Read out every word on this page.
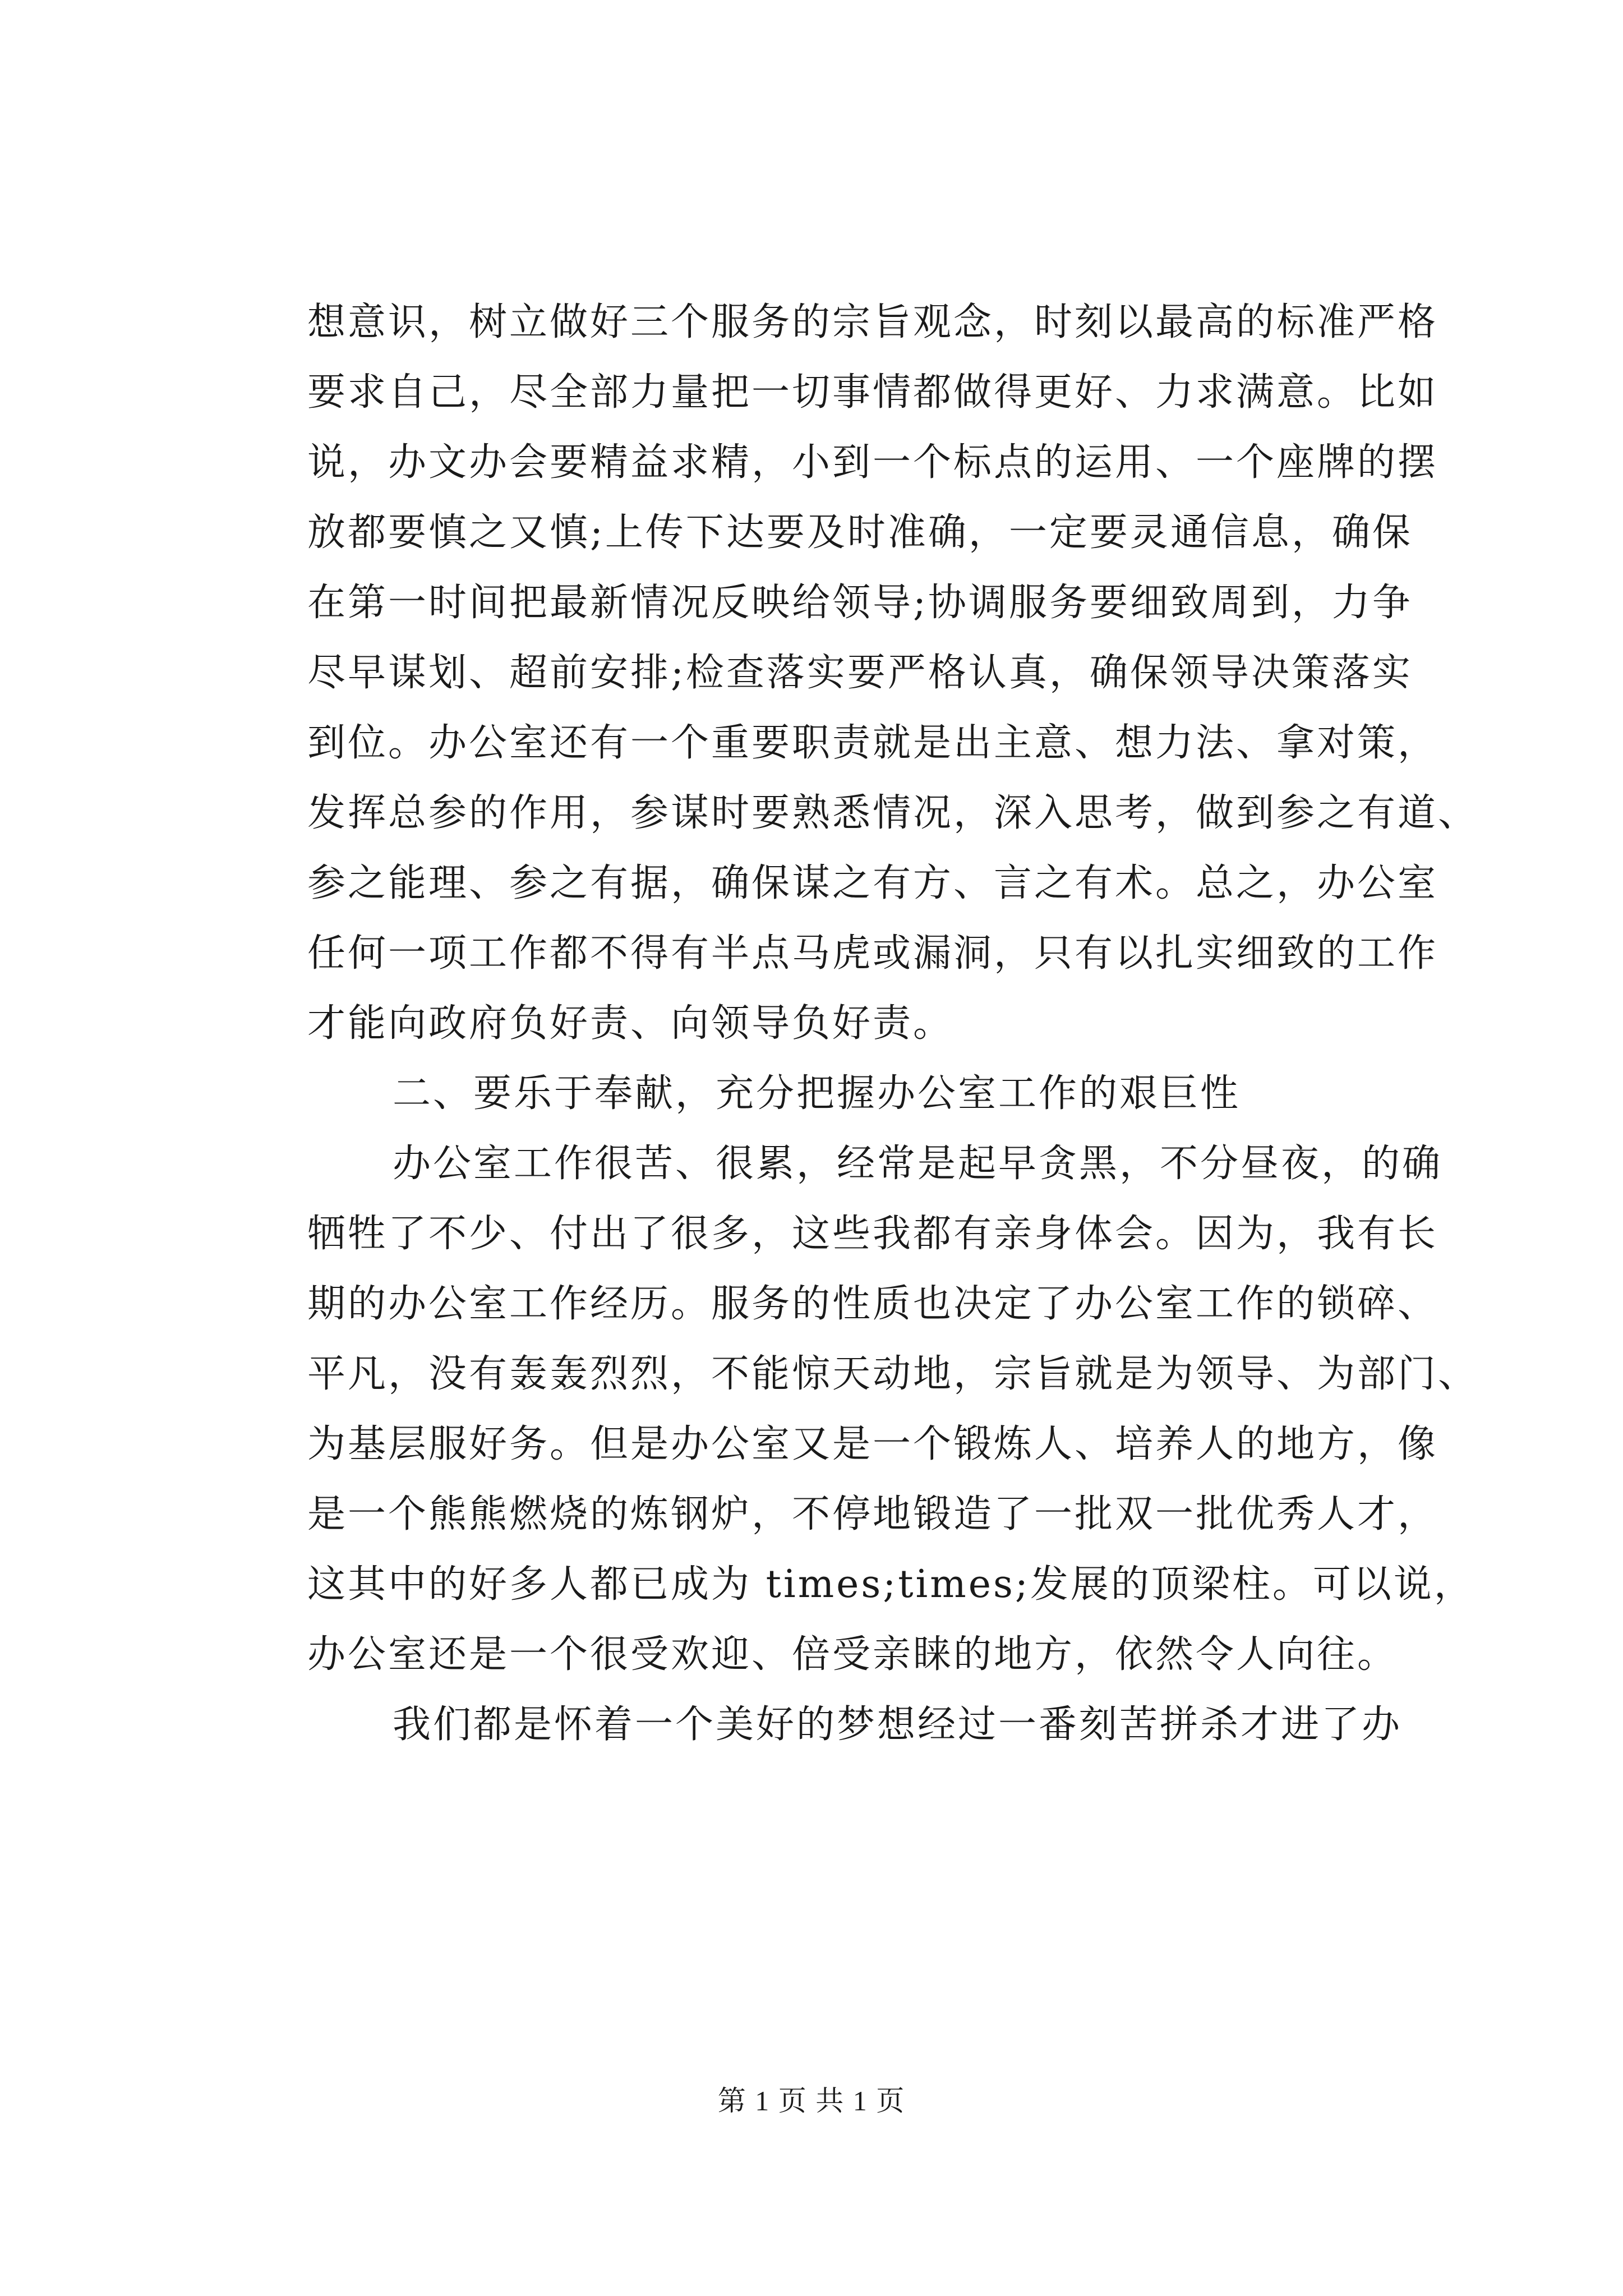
想意识，树立做好三个服务的宗旨观念，时刻以最高的标准严格
要求自己，尽全部力量把一切事情都做得更好、力求满意。比如
说，办文办会要精益求精，小到一个标点的运用、一个座牌的摆
放都要慎之又慎;上传下达要及时准确，一定要灵通信息，确保
在第一时间把最新情况反映给领导;协调服务要细致周到，力争
尽早谋划、超前安排;检查落实要严格认真，确保领导决策落实
到位。办公室还有一个重要职责就是出主意、想力法、拿对策，
发挥总参的作用，参谋时要熟悉情况，深入思考，做到参之有道、
参之能理、参之有据，确保谋之有方、言之有术。总之，办公室
任何一项工作都不得有半点马虎或漏洞，只有以扎实细致的工作
才能向政府负好责、向领导负好责。
二、要乐于奉献，充分把握办公室工作的艰巨性
办公室工作很苦、很累，经常是起早贪黑，不分昼夜，的确
牺牲了不少、付出了很多，这些我都有亲身体会。因为，我有长
期的办公室工作经历。服务的性质也决定了办公室工作的锁碎、
平凡，没有轰轰烈烈，不能惊天动地，宗旨就是为领导、为部门、
为基层服好务。但是办公室又是一个锻炼人、培养人的地方，像
是一个熊熊燃烧的炼钢炉，不停地锻造了一批双一批优秀人才，
这其中的好多人都已成为 times;times;发展的顶梁柱。可以说，
办公室还是一个很受欢迎、倍受亲睐的地方，依然令人向往。
我们都是怀着一个美好的梦想经过一番刻苦拼杀才进了办
第 1 页 共 1 页
